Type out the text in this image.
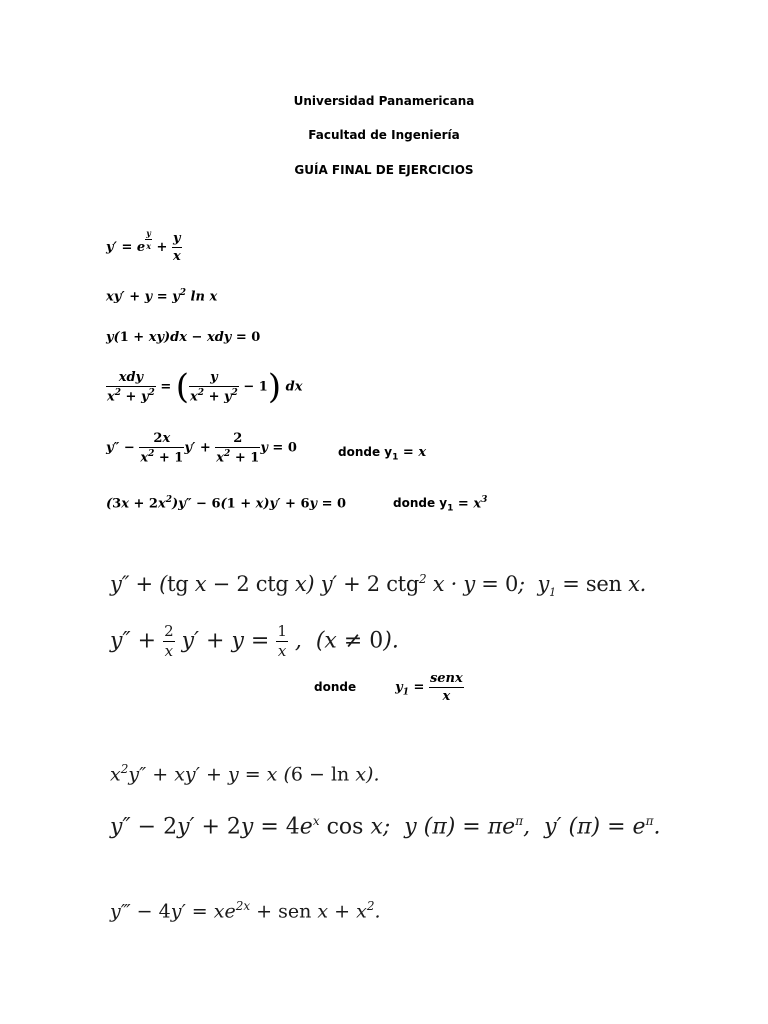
Universidad Panamericana
Facultad de Ingeniería
GUÍA FINAL DE EJERCICIOS
y′ = e $^{\frac{y}{x}} + \frac{y}{x}$
$xy' + y = y^2$ ln x
y(1 + xy)dx − xdy = 0
$\frac{\text{xdy}}{x^2 + y^2}$ = ( $\frac{y}{x^2 + y^2} - 1$) dx
$y'' - \frac{2x}{x^2 + 1} y' + \frac{2}{x^2 + 1}$ y = 0	donde $y_1 = x$
$(3x + 2x^2)y'' - 6(1 + x)y' + 6y = 0$	donde $y_1 = x^3$
y″ + (tg x − 2 ctg x) y′ + 2 ctg$^2$ x · y = 0;  $y_1$ = sen x.
$y'' + \frac{2}{x} y' + y = \frac{1}{x}$ ,  (x ≠ 0).
donde	$y_1 = \frac{\text{senx}}{x}$
$x^2y'' + xy' + y = x$ (6 − ln x).
$y'' - 2y' + 2y = 4e^x$ cos x;  y $(\pi) = \pi e^\pi$,  y′ $(\pi) = e^\pi$.
y‴ − $4y' = xe^{2x}$ + sen $x + x^2$.
